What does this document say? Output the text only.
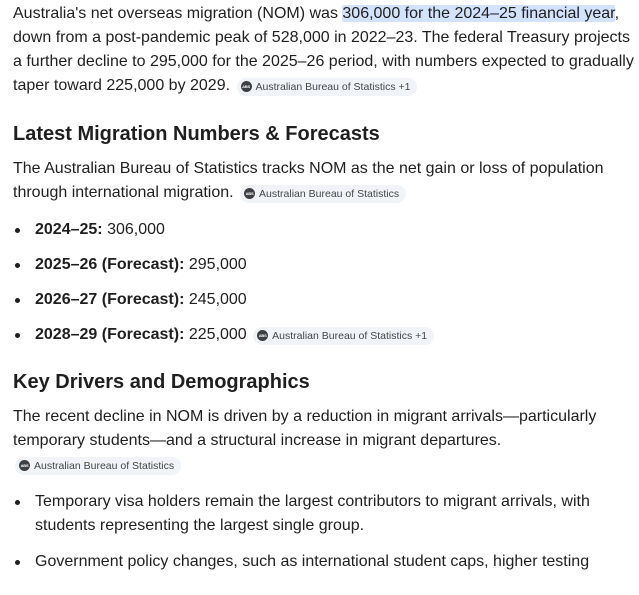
Australia's net overseas migration (NOM) was 306,000 for the 2024–25 financial year, down from a post-pandemic peak of 528,000 in 2022–23. The federal Treasury projects a further decline to 295,000 for the 2025–26 period, with numbers expected to gradually taper toward 225,000 by 2029.	ABS Australian Bureau of Statistics +1

Latest Migration Numbers & Forecasts

The Australian Bureau of Statistics tracks NOM as the net gain or loss of population through international migration.	ABS Australian Bureau of Statistics

2024–25: 306,000
2025–26 (Forecast): 295,000
2026–27 (Forecast): 245,000
2028–29 (Forecast): 225,000	ABS Australian Bureau of Statistics +1
Key Drivers and Demographics

The recent decline in NOM is driven by a reduction in migrant arrivals—particularly temporary students—and a structural increase in migrant departures.
ABS Australian Bureau of Statistics

Temporary visa holders remain the largest contributors to migrant arrivals, with students representing the largest single group.
Government policy changes, such as international student caps, higher testing
